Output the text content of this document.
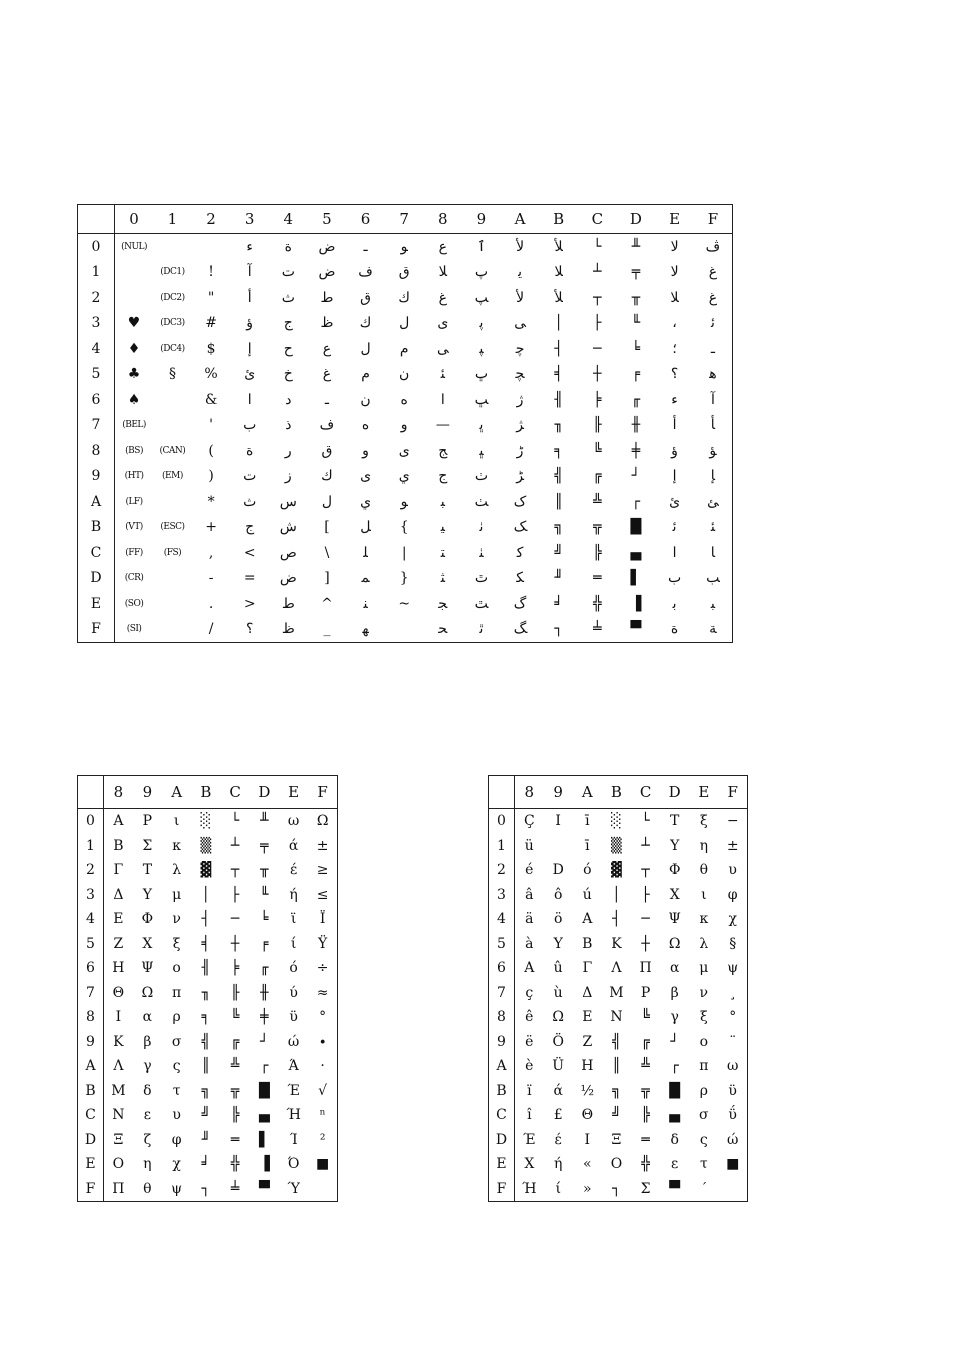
	0	1	2	3	4	5	6	7	8	9	A	B	C	D	E	F
0	(NUL)			ء	ة	ض	ـ	ﻮ	ع	ٱ	ﻷ	ﻸ	└	╨	ﻻ	ڤ
1		(DC1)	!	آ	ت	ض	ف	ق	ﻼ	ﭖ	ﯾ	ﻼ	┴	╤	ﻻ	ﻍ
2		(DC2)	"	أ	ث	ط	ق	ك	غ	ﭗ	ﻷ	ﻸ	┬	╥	ﻼ	ﻍ
3	♥	(DC3)	#	ؤ	ج	ظ	ك	ل	ﻯ	ﭘ	ﻰ	│	├	╙	،	ﺋ
4	♦	(DC4)	$	إ	ح	ع	ل	م	ﻰ	ﭙ	ﭼ	┤	─	╘	؛	ـ
5	♣	§	%	ئ	خ	غ	م	ن	ﺌ	ﭚ	ﭽ	╡	┼	╒	؟	ﻫ
6	♠		&	ا	د	ـ	ن	ه	ﺍ	ﭛ	ﮊ	╢	╞	╓	ﺀ	ﺁ
7	(BEL)		'	ب	ذ	ف	ه	و	—	ﭜ	ﮋ	╖	╟	╫	ﺃ	ﺄ
8	(BS)	(CAN)	(	ة	ر	ق	و	ى	ﺞ	ﭝ	ﮌ	╕	╚	╪	ﺅ	ﺆ
9	(HT)	(EM)	)	ت	ز	ك	ى	ي	ﺝ	ﭞ	ﮍ	╣	╔	┘	ﺇ	ﺈ
A	(LF)		*	ث	س	ل	ي	ﻮ	ﺒ	ﭟ	ﮎ	║	╩	┌	ﺉ	ﺊ
B	(VT)	(ESC)	+	ج	ش	[	ﻞ	{	ﻴ	ﭠ	ﮏ	╗	╦	█	ﺋ	ﺌ
C	(FF)	(FS)	,	<	ص	\	ﻠ	|	ﺘ	ﭡ	ﮐ	╝	╠	▄	ﺍ	ﺎ
D	(CR)		-	=	ض	]	ﻤ	}	ﺜ	ﭢ	ﮑ	╜	═	▌	ﺏ	ﺐ
E	(SO)		.	>	ط	^	ﻨ	~	ﺠ	ﭣ	ﮒ	╛	╬	▐	ﺑ	ﺒ
F	(SI)		/	؟	ظ	_	ﻬ		ﺤ	ﭤ	ﮓ	┐	╧	▀	ﺓ	ﺔ
	8	9	A	B	C	D	E	F
0	Α	Ρ	ι	░	└	╨	ω	Ω
1	Β	Σ	κ	▒	┴	╤	ά	±
2	Γ	Τ	λ	▓	┬	╥	έ	≥
3	Δ	Υ	μ	│	├	╙	ή	≤
4	Ε	Φ	ν	┤	─	╘	ϊ	Ϊ
5	Ζ	Χ	ξ	╡	┼	╒	ί	Ϋ
6	Η	Ψ	ο	╢	╞	╓	ό	÷
7	Θ	Ω	π	╖	╟	╫	ύ	≈
8	Ι	α	ρ	╕	╚	╪	ϋ	°
9	Κ	β	σ	╣	╔	┘	ώ	∙
A	Λ	γ	ς	║	╩	┌	Ά	·
B	Μ	δ	τ	╗	╦	█	Έ	√
C	Ν	ε	υ	╝	╠	▄	Ή	ⁿ
D	Ξ	ζ	φ	╜	═	▌	Ί	²
E	Ο	η	χ	╛	╬	▐	Ό	■
F	Π	θ	ψ	┐	╧	▀	Ύ	
	8	9	A	B	C	D	E	F
0	Ç	I	ī	░	└	Τ	ξ	−
1	ü		ī	▒	┴	Υ	η	±
2	é	D	ó	▓	┬	Φ	θ	υ
3	â	ô	ú	│	├	Χ	ι	φ
4	ä	ö	Α	┤	─	Ψ	κ	χ
5	à	Υ	Β	Κ	┼	Ω	λ	§
6	Α	û	Γ	Λ	Π	α	μ	ψ
7	ç	ù	Δ	Μ	Ρ	β	ν	¸
8	ê	Ω	Ε	Ν	╚	γ	ξ	°
9	ë	Ö	Ζ	╣	╔	┘	ο	¨
A	è	Ü	Η	║	╩	┌	π	ω
B	ï	ά	½	╗	╦	█	ρ	ϋ
C	î	£	Θ	╝	╠	▄	σ	ΰ
D	Έ	έ	Ι	Ξ	═	δ	ς	ώ
E	Χ	ή	«	Ο	╬	ε	τ	■
F	Ή	ί	»	┐	Σ	▀	΄	
